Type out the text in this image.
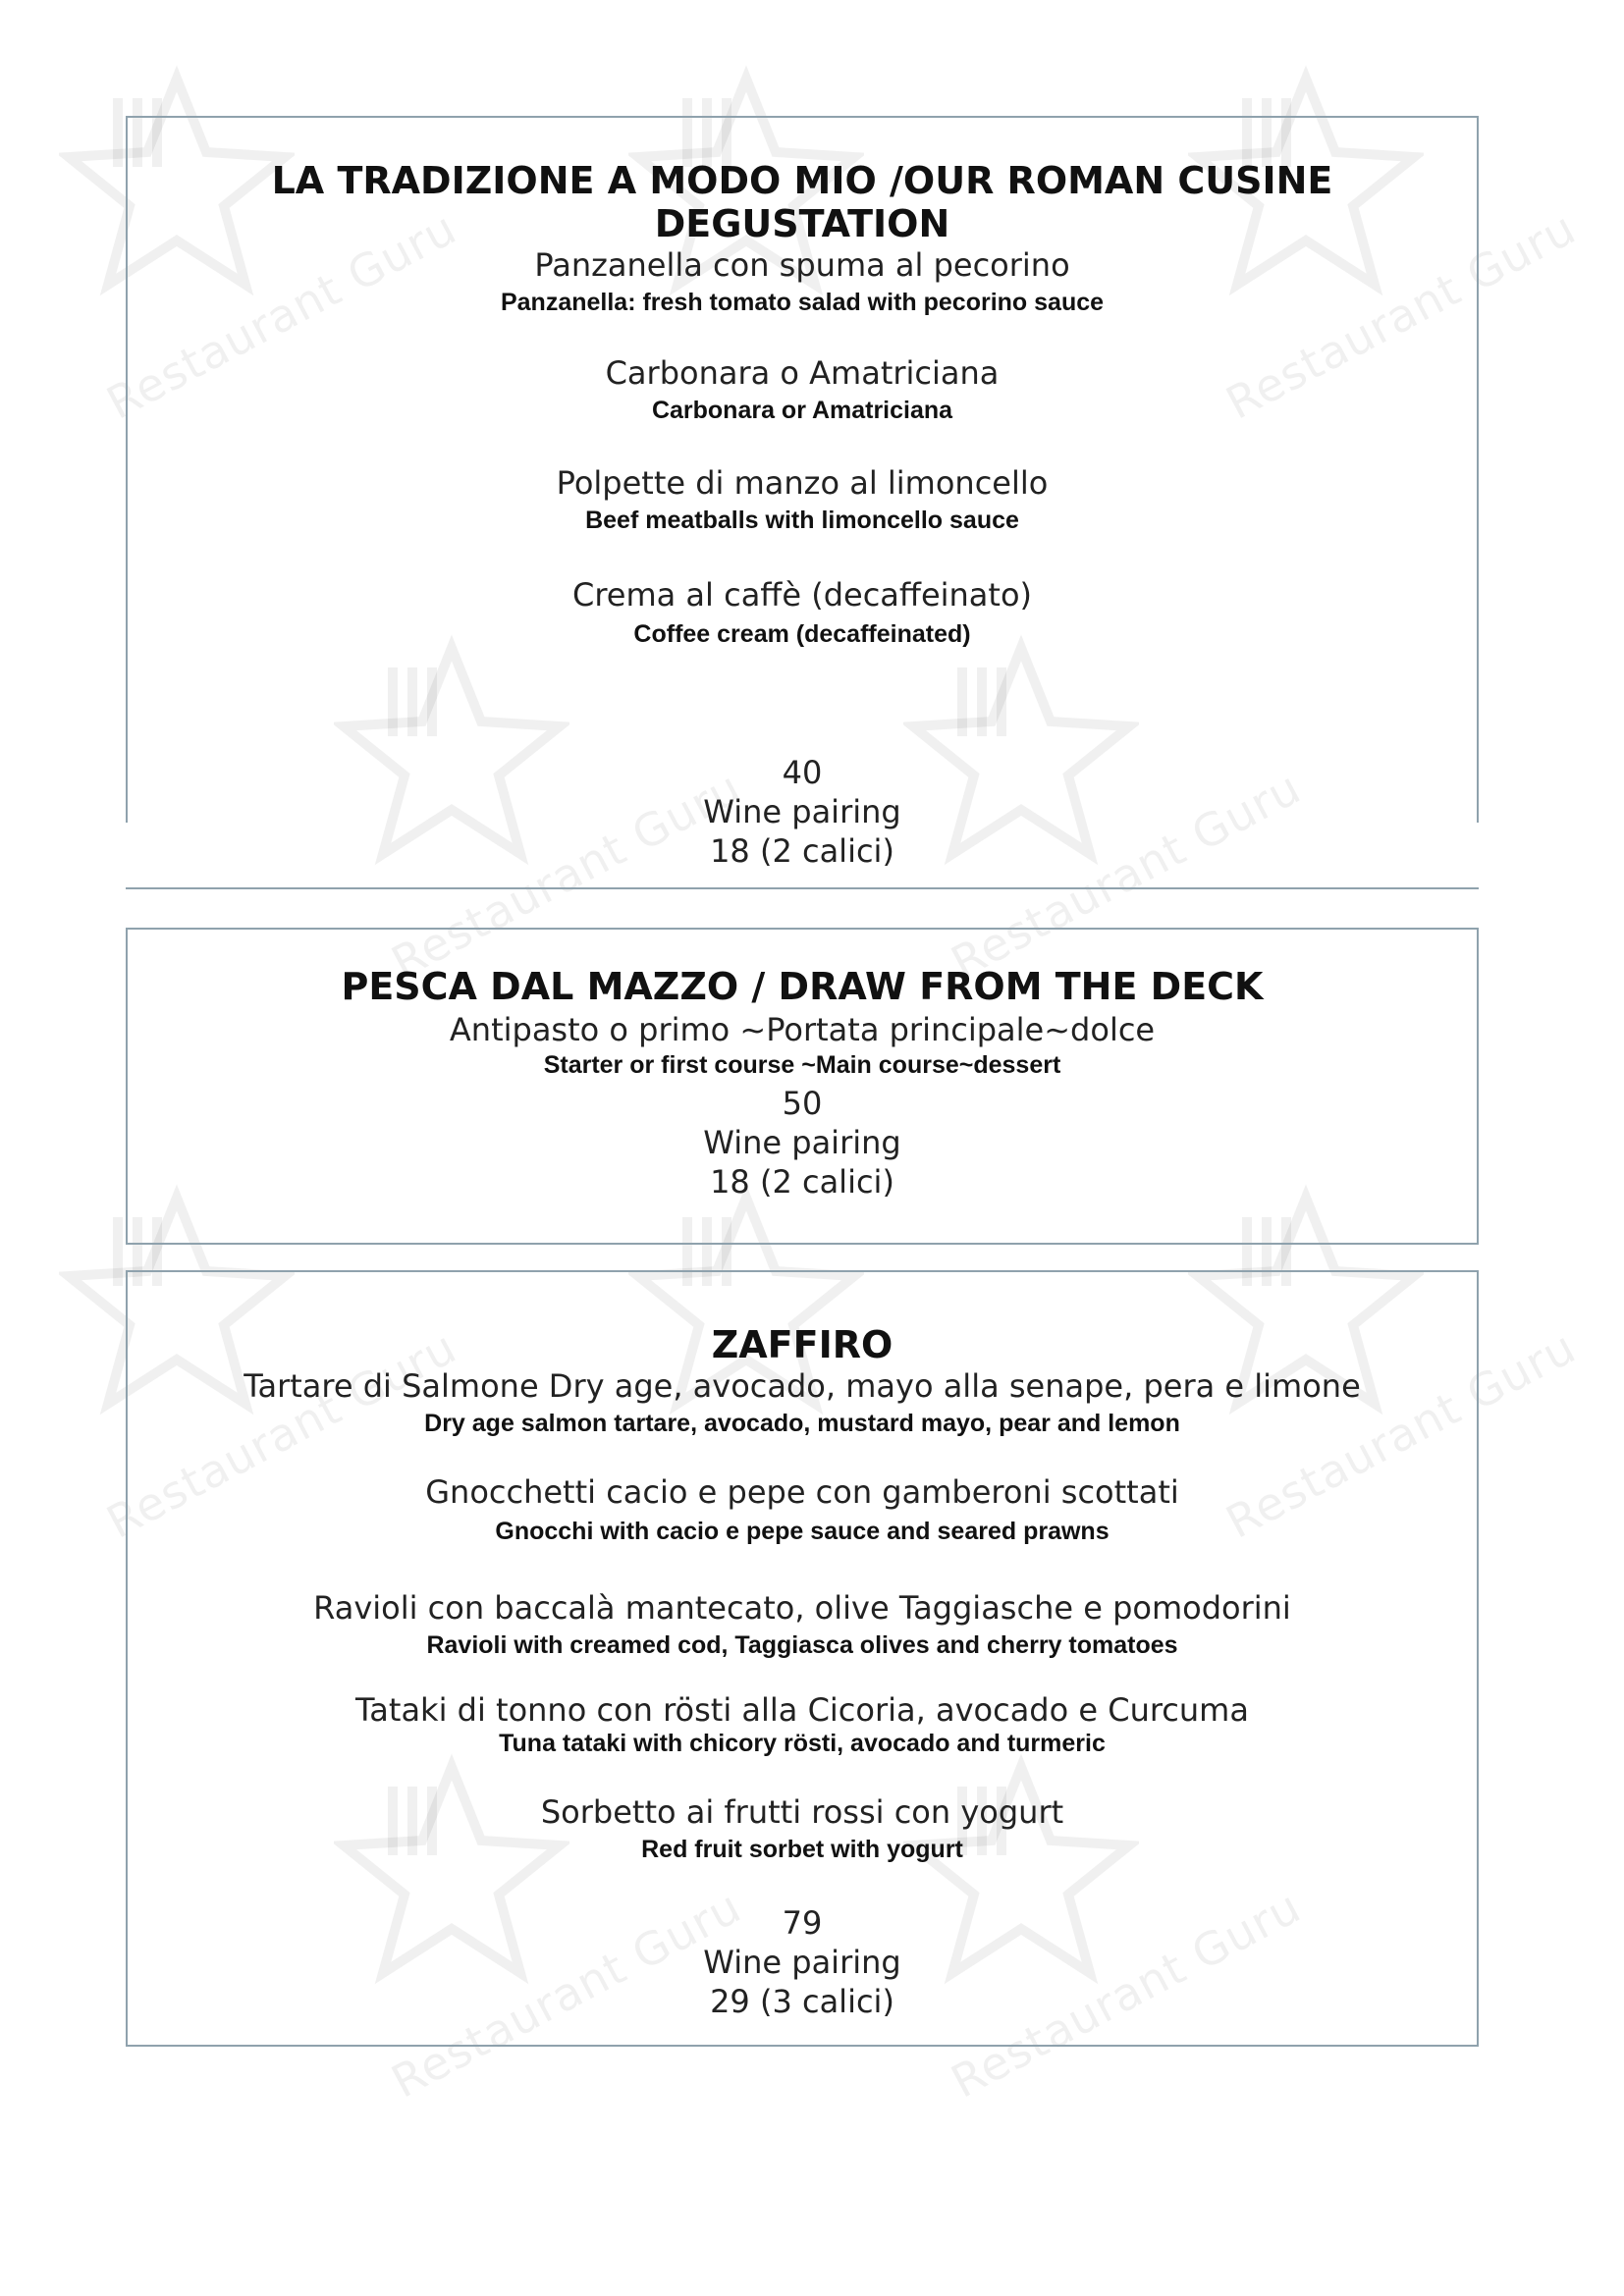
Restaurant Guru	Restaurant Guru
Restaurant Guru	Restaurant Guru
Restaurant Guru	Restaurant Guru
Restaurant Guru	Restaurant Guru
LA TRADIZIONE A MODO MIO /OUR ROMAN CUSINE DEGUSTATION

Panzanella con spuma al pecorino

Panzanella: fresh tomato salad with pecorino sauce

Carbonara o Amatriciana

Carbonara or Amatriciana

Polpette di manzo al limoncello

Beef meatballs with limoncello sauce

Crema al caffè (decaffeinato)

Coffee cream (decaffeinated)

40

Wine pairing

18 (2 calici)

PESCA DAL MAZZO / DRAW FROM THE DECK

Antipasto o primo ~Portata principale~dolce

Starter or first course ~Main course~dessert

50

Wine pairing

18 (2 calici)

ZAFFIRO

Tartare di Salmone Dry age, avocado, mayo alla senape, pera e limone

Dry age salmon tartare, avocado, mustard mayo, pear and lemon

Gnocchetti cacio e pepe con gamberoni scottati

Gnocchi with cacio e pepe sauce and seared prawns

Ravioli con baccalà mantecato, olive Taggiasche e pomodorini

Ravioli with creamed cod, Taggiasca olives and cherry tomatoes

Tataki di tonno con rösti alla Cicoria, avocado e Curcuma

Tuna tataki with chicory rösti, avocado and turmeric

Sorbetto ai frutti rossi con yogurt

Red fruit sorbet with yogurt

79

Wine pairing

29 (3 calici)
